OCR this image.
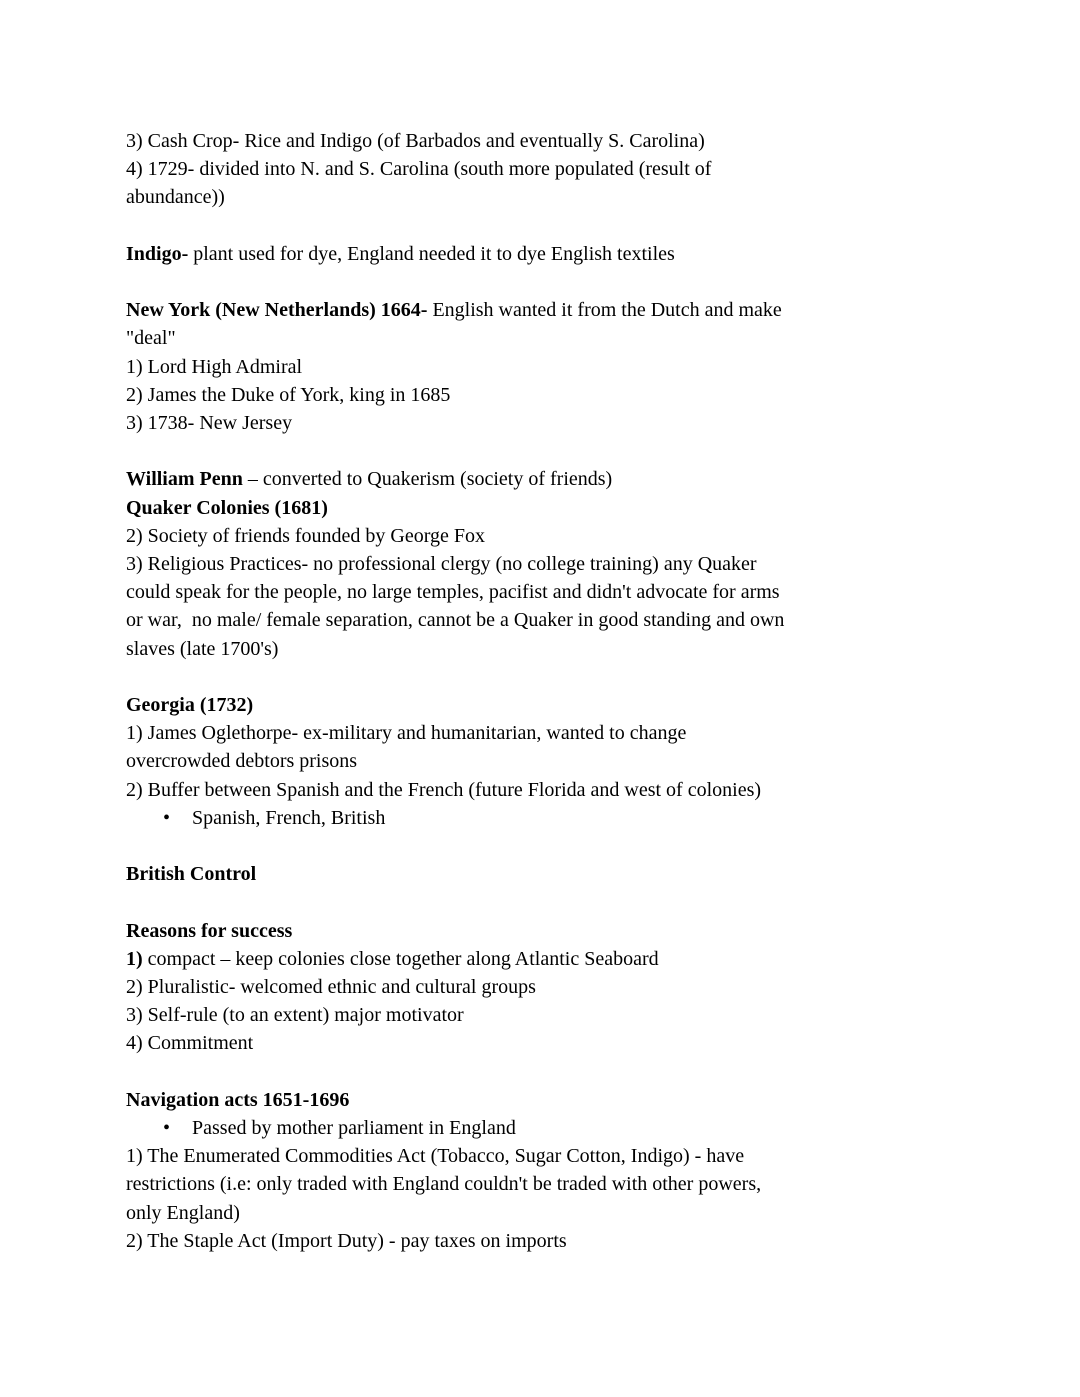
3) Cash Crop- Rice and Indigo (of Barbados and eventually S. Carolina)
4) 1729- divided into N. and S. Carolina (south more populated (result of
abundance))
Indigo- plant used for dye, England needed it to dye English textiles
New York (New Netherlands) 1664- English wanted it from the Dutch and make
"deal"
1) Lord High Admiral
2) James the Duke of York, king in 1685
3) 1738- New Jersey
William Penn – converted to Quakerism (society of friends)
Quaker Colonies (1681)
2) Society of friends founded by George Fox
3) Religious Practices- no professional clergy (no college training) any Quaker
could speak for the people, no large temples, pacifist and didn't advocate for arms
or war,  no male/ female separation, cannot be a Quaker in good standing and own
slaves (late 1700's)
Georgia (1732)
1) James Oglethorpe- ex-military and humanitarian, wanted to change
overcrowded debtors prisons
2) Buffer between Spanish and the French (future Florida and west of colonies)
• Spanish, French, British
British Control
Reasons for success
1) compact – keep colonies close together along Atlantic Seaboard
2) Pluralistic- welcomed ethnic and cultural groups
3) Self-rule (to an extent) major motivator
4) Commitment
Navigation acts 1651-1696
• Passed by mother parliament in England
1) The Enumerated Commodities Act (Tobacco, Sugar Cotton, Indigo) - have
restrictions (i.e: only traded with England couldn't be traded with other powers,
only England)
2) The Staple Act (Import Duty) - pay taxes on imports
